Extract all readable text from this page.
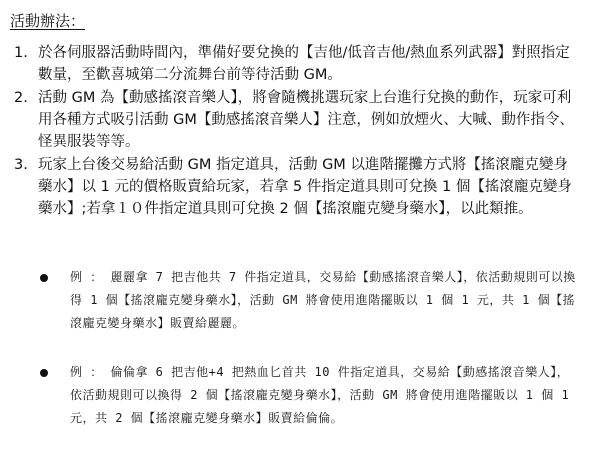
活動辦法：
1. 於各伺服器活動時間內，準備好要兌換的【吉他/低音吉他/熱血系列武器】對照指定數量，至歡喜城第二分流舞台前等待活動 GM。
2. 活動 GM 為【動感搖滾音樂人】，將會隨機挑選玩家上台進行兌換的動作，玩家可利用各種方式吸引活動 GM【動感搖滾音樂人】注意，例如放煙火、大喊、動作指令、怪異服裝等等。
3. 玩家上台後交易給活動 GM 指定道具，活動 GM 以進階擺攤方式將【搖滾龐克變身藥水】以 1 元的價格販賣給玩家，若拿 5 件指定道具則可兌換 1 個【搖滾龐克變身藥水】;若拿１０件指定道具則可兌換 2 個【搖滾龐克變身藥水】，以此類推。
例 ： 麗麗拿 7 把吉他共 7 件指定道具，交易給【動感搖滾音樂人】，依活動規則可以換得 1 個【搖滾龐克變身藥水】，活動 GM 將會使用進階擺販以 1 個 1 元，共 1 個【搖滾龐克變身藥水】販賣給麗麗。
例 ： 倫倫拿 6 把吉他+4 把熱血匕首共 10 件指定道具，交易給【動感搖滾音樂人】，依活動規則可以換得 2 個【搖滾龐克變身藥水】，活動 GM 將會使用進階擺販以 1 個 1 元，共 2 個【搖滾龐克變身藥水】販賣給倫倫。
